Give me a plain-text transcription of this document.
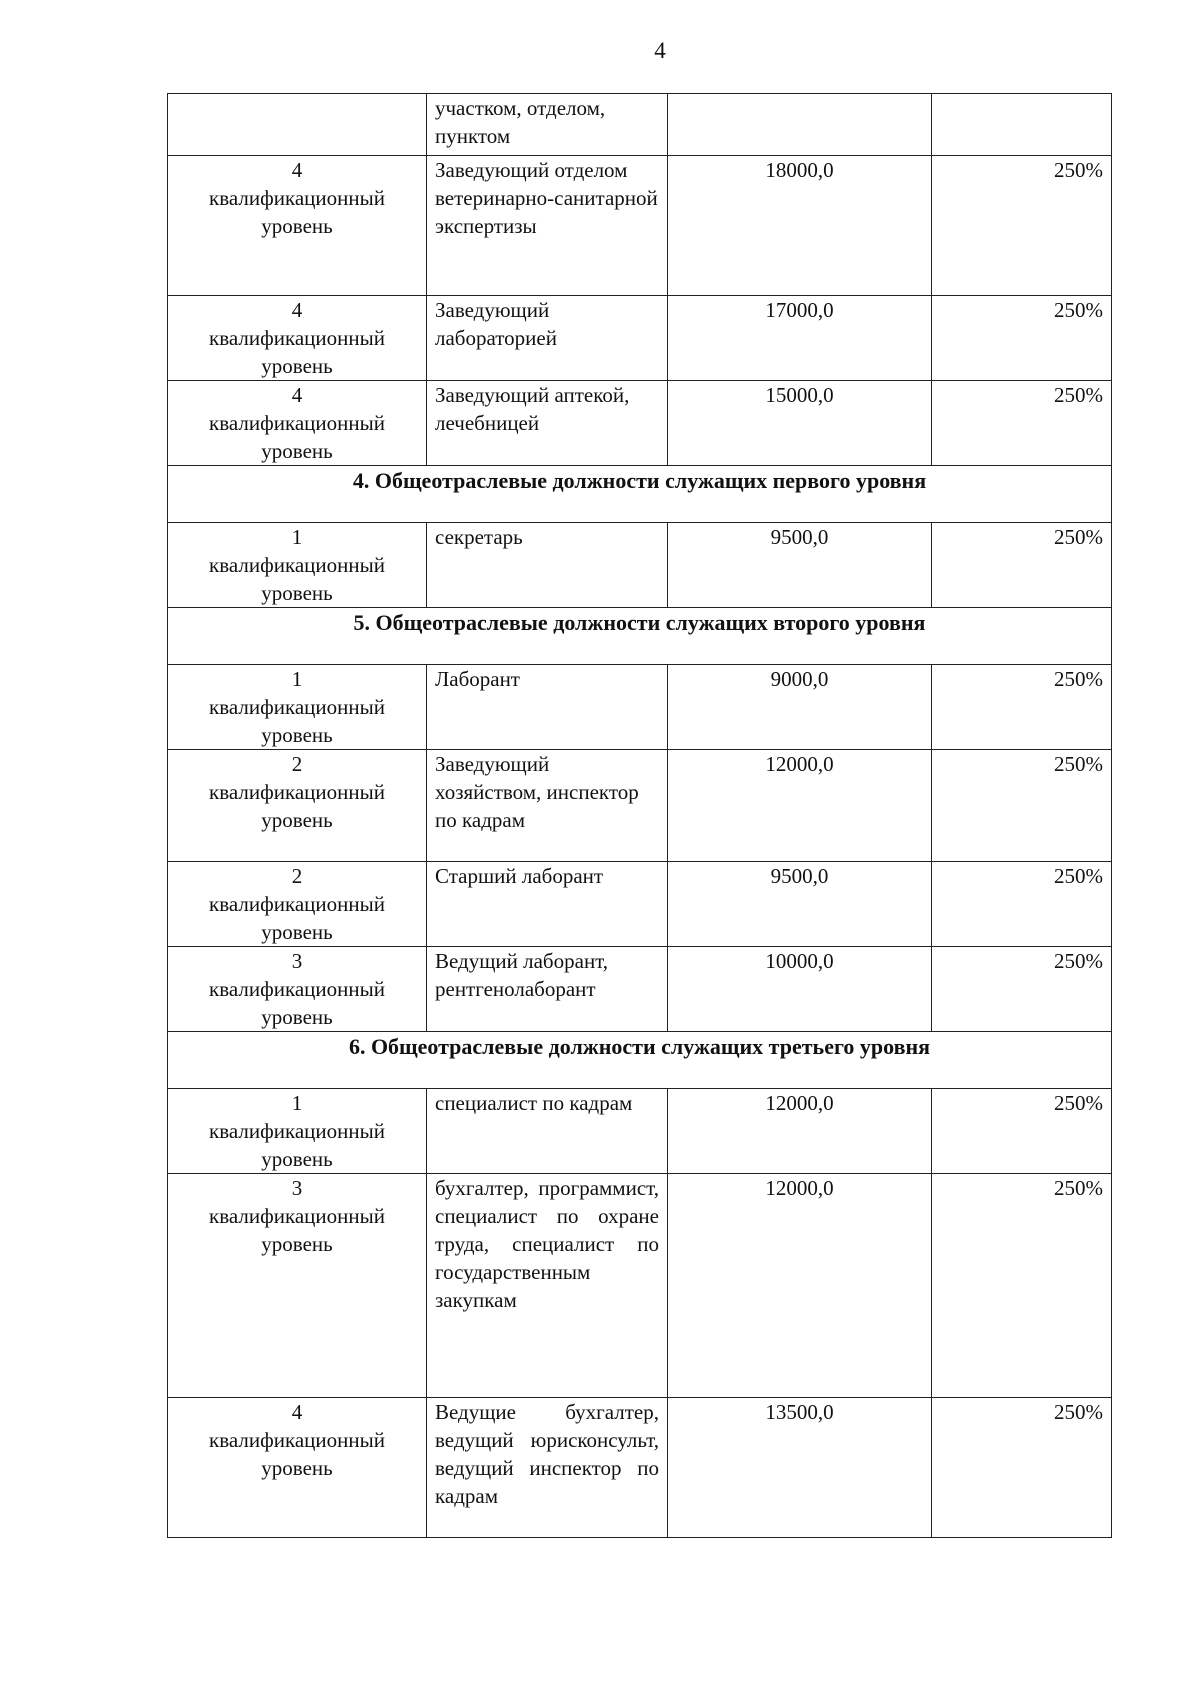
4
	участком, отделом, пунктом		

4
квалификационный
уровень	Заведующий отделом ветеринарно-санитарной экспертизы	18000,0	250%

4
квалификационный
уровень	Заведующий лабораторией	17000,0	250%

4
квалификационный
уровень	Заведующий аптекой, лечебницей	15000,0	250%
4. Общеотраслевые должности служащих первого уровня			

1
квалификационный
уровень	секретарь	9500,0	250%
5. Общеотраслевые должности служащих второго уровня			

1
квалификационный
уровень	Лаборант	9000,0	250%

2
квалификационный
уровень	Заведующий хозяйством, инспектор по кадрам	12000,0	250%

2
квалификационный
уровень	Старший лаборант	9500,0	250%

3
квалификационный
уровень	Ведущий лаборант, рентгенолаборант	10000,0	250%
6. Общеотраслевые должности служащих третьего уровня			

1
квалификационный
уровень	специалист по кадрам	12000,0	250%

3
квалификационный
уровень	бухгалтер, программист, специалист по охране труда, специалист по государственным закупкам	12000,0	250%

4
квалификационный
уровень	Ведущие бухгалтер, ведущий юрисконсульт, ведущий инспектор по кадрам	13500,0	250%
